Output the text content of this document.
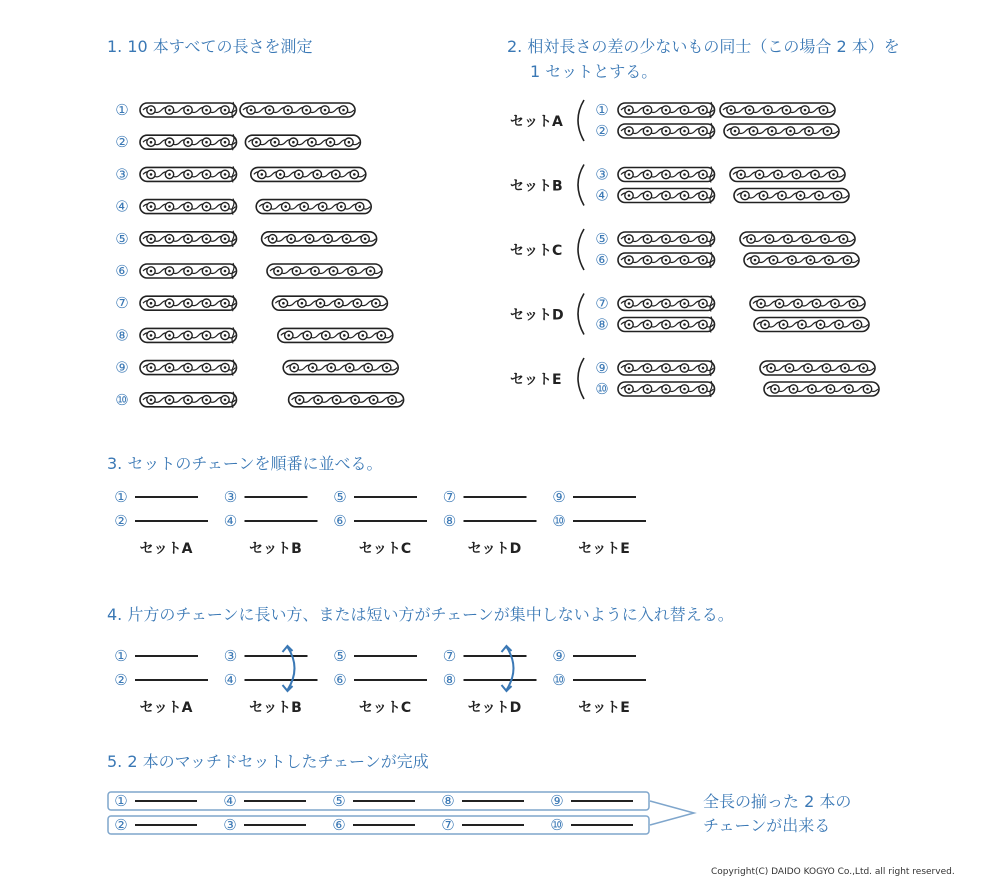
1. 10 本すべての長さを測定	2. 相対長さの差の少ないもの同士（この場合 2 本）を
1 セットとする。
3. セットのチェーンを順番に並べる。
4. 片方のチェーンに長い方、または短い方がチェーンが集中しないように入れ替える。
5. 2 本のマッチドセットしたチェーンが完成
①
②
③
④
⑤
⑥
⑦
⑧
⑨
⑩
セットA
①
②
セットB
③
④
セットC
⑤
⑥
セットD
⑦
⑧
セットE
⑨
⑩
①
②
セットA
③
④
セットB
⑤
⑥
セットC
⑦
⑧
セットD
⑨
⑩
セットE
①
②
セットA
③
④
セットB
⑤
⑥
セットC
⑦
⑧
セットD
⑨
⑩
セットE
①	④	⑤	⑧	⑨
②	③	⑥	⑦	⑩
全長の揃った 2 本の
チェーンが出来る
Copyright(C) DAIDO KOGYO Co.,Ltd. all right reserved.
